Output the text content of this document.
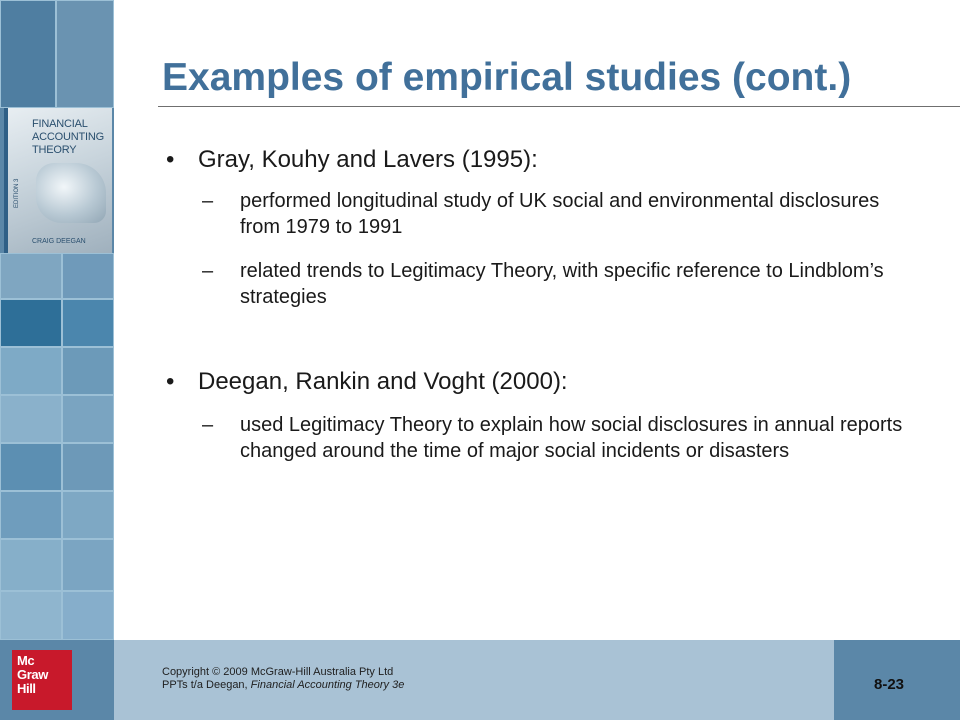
FINANCIAL
ACCOUNTING
THEORY
EDITION 3
CRAIG DEEGAN
Examples of empirical studies (cont.)
• Gray, Kouhy and Lavers (1995):
–	performed longitudinal study of UK social and environmental disclosures from 1979 to 1991
–	related trends to Legitimacy Theory, with specific reference to Lindblom’s strategies
• Deegan, Rankin and Voght (2000):
–	used Legitimacy Theory to explain how social disclosures in annual reports changed around the time of major social incidents or disasters
Mc
Graw
Hill
Copyright © 2009 McGraw-Hill Australia Pty Ltd
PPTs t/a Deegan, Financial Accounting Theory 3e	8-23
